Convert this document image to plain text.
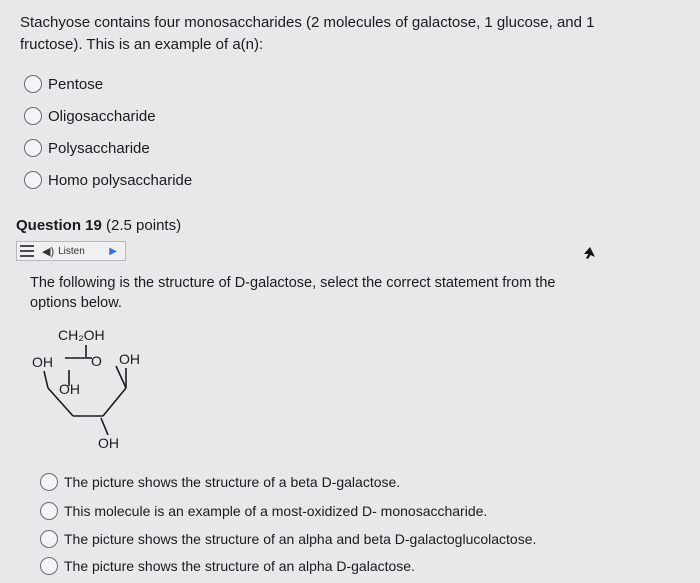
Stachyose contains four monosaccharides (2 molecules of galactose, 1 glucose, and 1 fructose). This is an example of a(n):
Pentose
Oligosaccharide
Polysaccharide
Homo polysaccharide
Question 19 (2.5 points)
◀︎) Listen ▶
The following is the structure of D-galactose, select the correct statement from the options below.
CH₂OH
OH	O OH
OH
OH
The picture shows the structure of a beta D-galactose.
This molecule is an example of a most-oxidized D- monosaccharide.
The picture shows the structure of an alpha and beta D-galactoglucolactose.
The picture shows the structure of an alpha D-galactose.
